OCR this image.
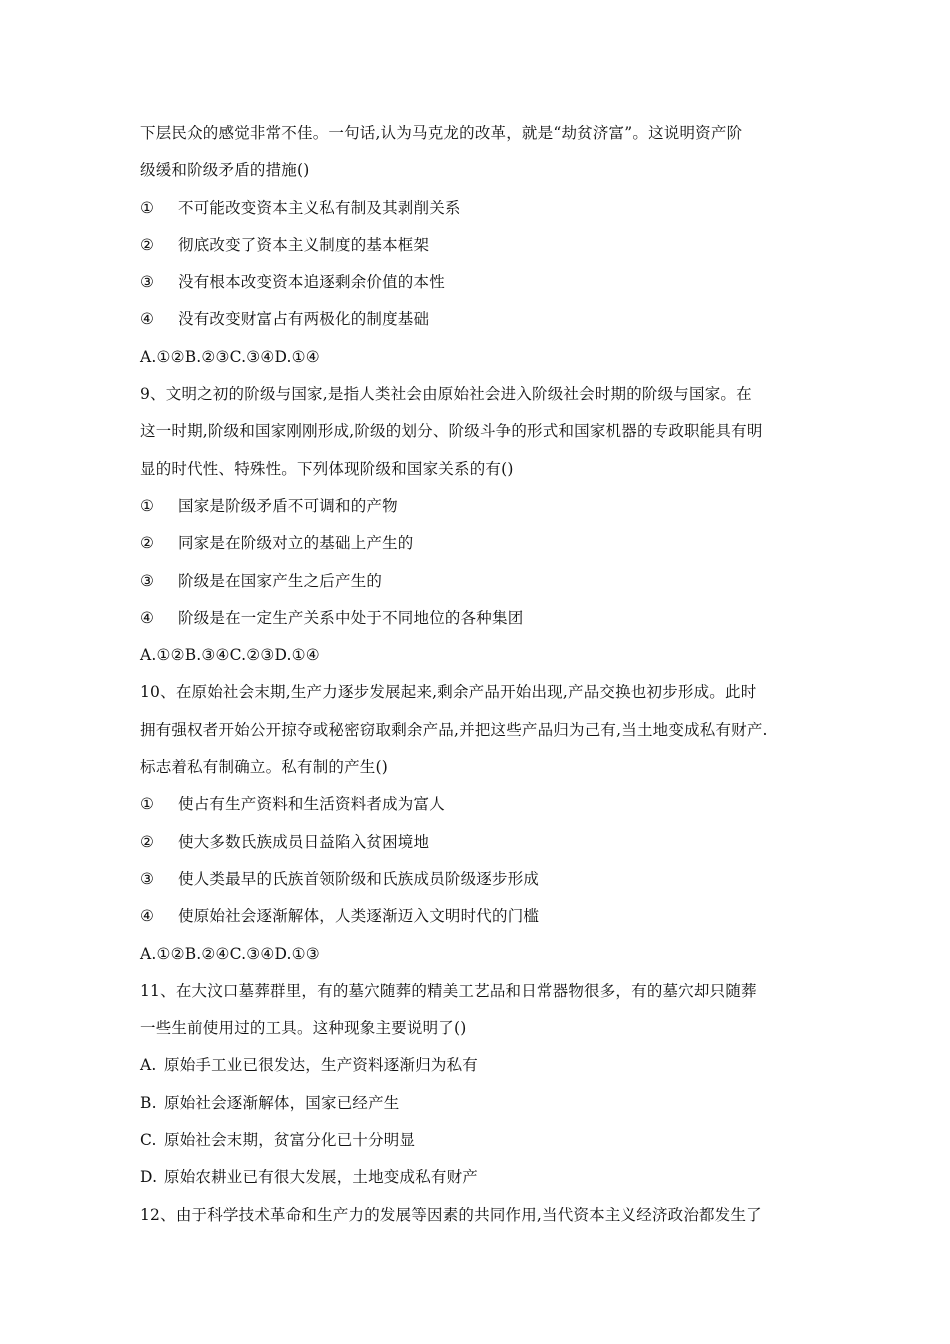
下层民众的感觉非常不佳。一句话,认为马克龙的改革，就是“劫贫济富”。这说明资产阶
级缓和阶级矛盾的措施()
①	不可能改变资本主义私有制及其剥削关系
②	彻底改变了资本主义制度的基本框架
③	没有根本改变资本追逐剩余价值的本性
④	没有改变财富占有两极化的制度基础
A.①②B.②③C.③④D.①④
9、文明之初的阶级与国家,是指人类社会由原始社会进入阶级社会时期的阶级与国家。在
这一时期,阶级和国家刚刚形成,阶级的划分、阶级斗争的形式和国家机器的专政职能具有明
显的时代性、特殊性。下列体现阶级和国家关系的有()
①	国家是阶级矛盾不可调和的产物
②	同家是在阶级对立的基础上产生的
③	阶级是在国家产生之后产生的
④	阶级是在一定生产关系中处于不同地位的各种集团
A.①②B.③④C.②③D.①④
10、在原始社会末期,生产力逐步发展起来,剩余产品开始出现,产品交换也初步形成。此时
拥有强权者开始公开掠夺或秘密窃取剩余产品,并把这些产品归为己有,当土地变成私有财产.
标志着私有制确立。私有制的产生()
①	使占有生产资料和生活资料者成为富人
②	使大多数氏族成员日益陷入贫困境地
③	使人类最早的氏族首领阶级和氏族成员阶级逐步形成
④	使原始社会逐渐解体，人类逐渐迈入文明时代的门槛
A.①②B.②④C.③④D.①③
11、在大汶口墓葬群里，有的墓穴随葬的精美工艺品和日常器物很多，有的墓穴却只随葬
一些生前使用过的工具。这种现象主要说明了()
A. 原始手工业已很发达，生产资料逐渐归为私有
B. 原始社会逐渐解体，国家已经产生
C. 原始社会末期，贫富分化已十分明显
D. 原始农耕业已有很大发展，土地变成私有财产
12、由于科学技术革命和生产力的发展等因素的共同作用,当代资本主义经济政治都发生了
